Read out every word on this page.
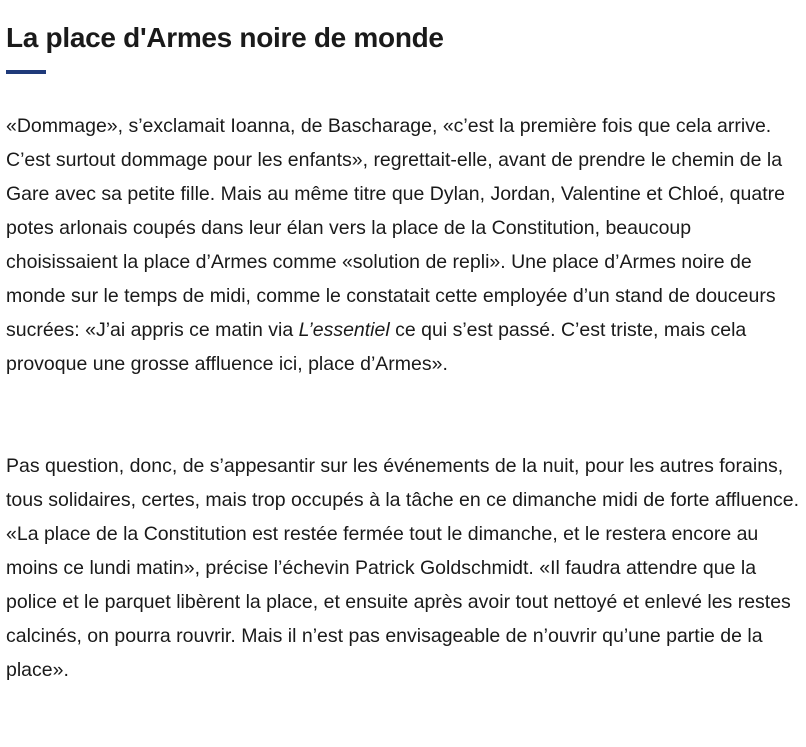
La place d'Armes noire de monde

«Dommage», s’exclamait Ioanna, de Bascharage, «c’est la première fois que cela arrive. C’est surtout dommage pour les enfants», regrettait-elle, avant de prendre le chemin de la Gare avec sa petite fille. Mais au même titre que Dylan, Jordan, Valentine et Chloé, quatre potes arlonais coupés dans leur élan vers la place de la Constitution, beaucoup choisissaient la place d’Armes comme «solution de repli». Une place d’Armes noire de monde sur le temps de midi, comme le constatait cette employée d’un stand de douceurs sucrées: «J’ai appris ce matin via L’essentiel ce qui s’est passé. C’est triste, mais cela provoque une grosse affluence ici, place d’Armes».

Pas question, donc, de s’appesantir sur les événements de la nuit, pour les autres forains, tous solidaires, certes, mais trop occupés à la tâche en ce dimanche midi de forte affluence. «La place de la Constitution est restée fermée tout le dimanche, et le restera encore au moins ce lundi matin», précise l’échevin Patrick Goldschmidt. «Il faudra attendre que la police et le parquet libèrent la place, et ensuite après avoir tout nettoyé et enlevé les restes calcinés, on pourra rouvrir. Mais il n’est pas envisageable de n’ouvrir qu’une partie de la place».
